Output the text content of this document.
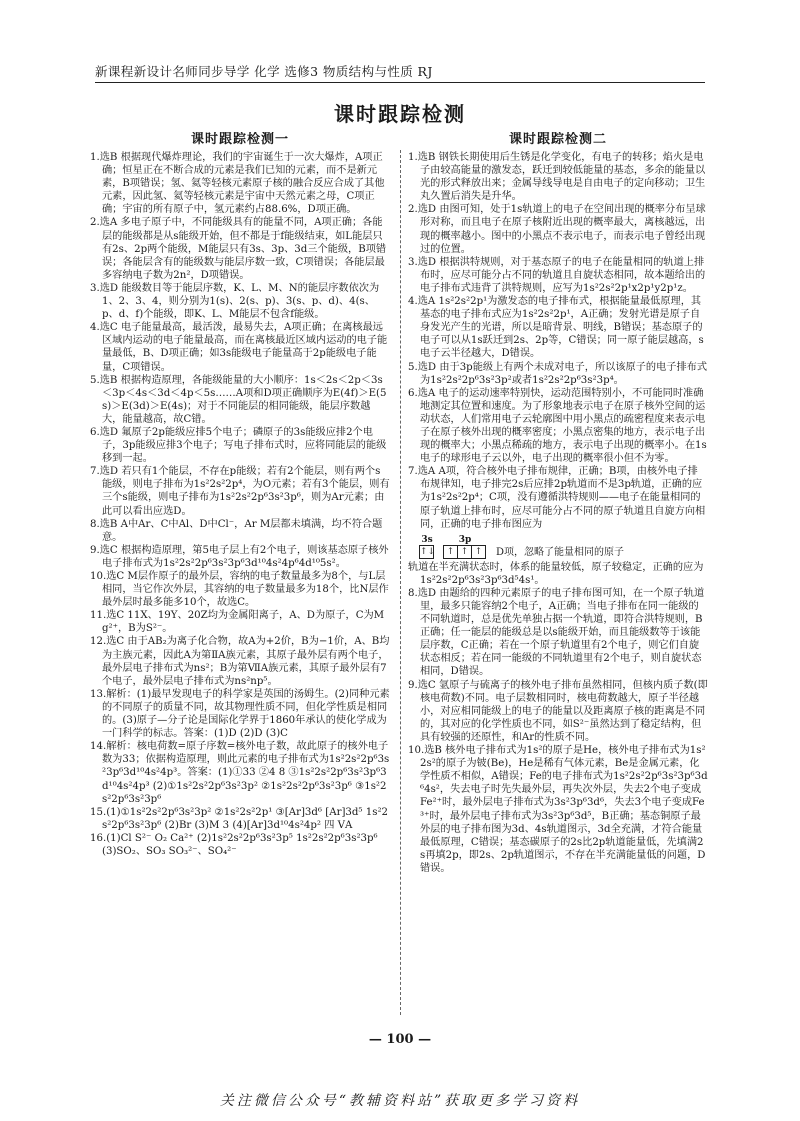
新课程新设计名师同步导学 化学 选修3 物质结构与性质 RJ
课时跟踪检测
课时跟踪检测一

1.选B 根据现代爆炸理论，我们的宇宙诞生于一次大爆炸，A项正确；恒星正在不断合成的元素是我们已知的元素，而不是新元素，B项错误；氢、氦等轻核元素原子核的融合反应合成了其他元素，因此氢、氦等轻核元素是宇宙中天然元素之母，C项正确；宇宙的所有原子中，氢元素约占88.6%，D项正确。

2.选A 多电子原子中，不同能级具有的能量不同，A项正确；各能层的能级都是从s能级开始，但不都是于f能级结束，如L能层只有2s、2p两个能级，M能层只有3s、3p、3d三个能级，B项错误；各能层含有的能级数与能层序数一致，C项错误；各能层最多容纳电子数为2n²，D项错误。

3.选D 能级数目等于能层序数，K、L、M、N的能层序数依次为1、2、3、4，则分别为1(s)、2(s、p)、3(s、p、d)、4(s、p、d、f)个能级，即K、L、M能层不包含f能级。

4.选C 电子能量最高，最活泼，最易失去，A项正确；在离核最远区域内运动的电子能量最高，而在离核最近区域内运动的电子能量最低，B、D项正确；如3s能级电子能量高于2p能级电子能量，C项错误。

5.选B 根据构造原理，各能级能量的大小顺序：1s＜2s＜2p＜3s＜3p＜4s＜3d＜4p＜5s……A项和D项正确顺序为E(4f)＞E(5s)＞E(3d)＞E(4s)；对于不同能层的相同能级，能层序数越大，能量越高，故C错。

6.选D 氟原子2p能级应排5个电子；磷原子的3s能级应排2个电子，3p能级应排3个电子；写电子排布式时，应将同能层的能级移到一起。

7.选D 若只有1个能层，不存在p能级；若有2个能层，则有两个s能级，则电子排布为1s²2s²2p⁴，为O元素；若有3个能层，则有三个s能级，则电子排布为1s²2s²2p⁶3s²3p⁶，则为Ar元素；由此可以看出应选D。

8.选B A中Ar、C中Al、D中Cl⁻，Ar M层都未填满，均不符合题意。

9.选C 根据构造原理，第5电子层上有2个电子，则该基态原子核外电子排布式为1s²2s²2p⁶3s²3p⁶3d¹⁰4s²4p⁶4d¹⁰5s²。

10.选C M层作原子的最外层，容纳的电子数量最多为8个，与L层相同，当它作次外层，其容纳的电子数量最多为18个，比N层作最外层时最多能多10个，故选C。

11.选C 11X、19Y、20Z均为金属阳离子，A、D为原子，C为Mg²⁺，B为S²⁻。

12.选C 由于AB₂为离子化合物，故A为+2价，B为−1价，A、B均为主族元素，因此A为第ⅡA族元素，其原子最外层有两个电子，最外层电子排布式为ns²；B为第ⅦA族元素，其原子最外层有7个电子，最外层电子排布式为ns²np⁵。

13.解析：(1)最早发现电子的科学家是英国的汤姆生。(2)同种元素的不同原子的质量不同，故其物理性质不同，但化学性质是相同的。(3)原子—分子论是国际化学界于1860年承认的使化学成为一门科学的标志。答案：(1)D (2)D (3)C

14.解析：核电荷数=原子序数=核外电子数，故此原子的核外电子数为33；依据构造原理，则此元素的电子排布式为1s²2s²2p⁶3s²3p⁶3d¹⁰4s²4p³。答案：(1)①33 ②4 8 ③1s²2s²2p⁶3s²3p⁶3d¹⁰4s²4p³ (2)①1s²2s²2p⁶3s²3p² ②1s²2s²2p⁶3s²3p⁶ ③1s²2s²2p⁶3s²3p⁶

15.(1)①1s²2s²2p⁶3s²3p² ②1s²2s²2p¹ ③[Ar]3d⁶ [Ar]3d⁵ 1s²2s²2p⁶3s²3p⁶ (2)Br (3)M 3 (4)[Ar]3d¹⁰4s²4p² 四 ⅤA

16.(1)Cl S²⁻ O₂ Ca²⁺ (2)1s²2s²2p⁶3s²3p⁵ 1s²2s²2p⁶3s²3p⁶ (3)SO₂、SO₃ SO₃²⁻、SO₄²⁻

课时跟踪检测二

1.选B 钢铁长期使用后生锈是化学变化，有电子的转移；焰火是电子由较高能量的激发态，跃迁到较低能量的基态，多余的能量以光的形式释放出来；金属导线导电是自由电子的定向移动；卫生丸久置后消失是升华。

2.选D 由图可知，处于1s轨道上的电子在空间出现的概率分布呈球形对称，而且电子在原子核附近出现的概率最大，离核越远，出现的概率越小。图中的小黑点不表示电子，而表示电子曾经出现过的位置。

3.选D 根据洪特规则，对于基态原子的电子在能量相同的轨道上排布时，应尽可能分占不同的轨道且自旋状态相同，故本题给出的电子排布式违背了洪特规则，应写为1s²2s²2p¹x2p¹y2p¹z。

4.选A 1s²2s²2p¹为激发态的电子排布式，根据能量最低原理，其基态的电子排布式应为1s²2s²2p¹，A正确；发射光谱是原子自身发光产生的光谱，所以是暗背景、明线，B错误；基态原子的电子可以从1s跃迁到2s、2p等，C错误；同一原子能层越高，s电子云半径越大，D错误。

5.选D 由于3p能级上有两个未成对电子，所以该原子的电子排布式为1s²2s²2p⁶3s²3p²或者1s²2s²2p⁶3s²3p⁴。

6.选A 电子的运动速率特别快，运动范围特别小，不可能同时准确地测定其位置和速度。为了形象地表示电子在原子核外空间的运动状态，人们常用电子云轮廓图中用小黑点的疏密程度来表示电子在原子核外出现的概率密度；小黑点密集的地方，表示电子出现的概率大；小黑点稀疏的地方，表示电子出现的概率小。在1s电子的球形电子云以外，电子出现的概率很小但不为零。

7.选A A项，符合核外电子排布规律，正确；B项，由核外电子排布规律知，电子排完2s后应排2p轨道而不是3p轨道，正确的应为1s²2s²2p⁴；C项，没有遵循洪特规则——电子在能量相同的原子轨道上排布时，应尽可能分占不同的原子轨道且自旋方向相同，正确的电子排布图应为

3s
↑↓
3p
↑ ↑ ↑	D项，忽略了能量相同的原子

轨道在半充满状态时，体系的能量较低，原子较稳定，正确的应为1s²2s²2p⁶3s²3p⁶3d⁵4s¹。

8.选D 由题给的四种元素原子的电子排布图可知，在一个原子轨道里，最多只能容纳2个电子，A正确；当电子排布在同一能级的不同轨道时，总是优先单独占据一个轨道，即符合洪特规则，B正确；任一能层的能级总是以s能级开始，而且能级数等于该能层序数，C正确；若在一个原子轨道里有2个电子，则它们自旋状态相反；若在同一能级的不同轨道里有2个电子，则自旋状态相同，D错误。

9.选C 氩原子与硫离子的核外电子排布虽然相同，但核内质子数(即核电荷数)不同。电子层数相同时，核电荷数越大，原子半径越小，对应相同能级上的电子的能量以及距离原子核的距离是不同的，其对应的化学性质也不同，如S²⁻虽然达到了稳定结构，但具有较强的还原性，和Ar的性质不同。

10.选B 核外电子排布式为1s²的原子是He，核外电子排布式为1s²2s²的原子为铍(Be)，He是稀有气体元素，Be是金属元素，化学性质不相似，A错误；Fe的电子排布式为1s²2s²2p⁶3s²3p⁶3d⁶4s²，失去电子时先失最外层，再失次外层，失去2个电子变成Fe²⁺时，最外层电子排布式为3s²3p⁶3d⁶，失去3个电子变成Fe³⁺时，最外层电子排布式为3s²3p⁶3d⁵，B正确；基态铜原子最外层的电子排布图为3d、4s轨道图示，3d全充满，才符合能量最低原理，C错误；基态碳原子的2s比2p轨道能量低，先填满2s再填2p，即2s、2p轨道图示，不存在半充满能量低的问题，D错误。

— 100 —
关注微信公众号“教辅资料站”获取更多学习资料
